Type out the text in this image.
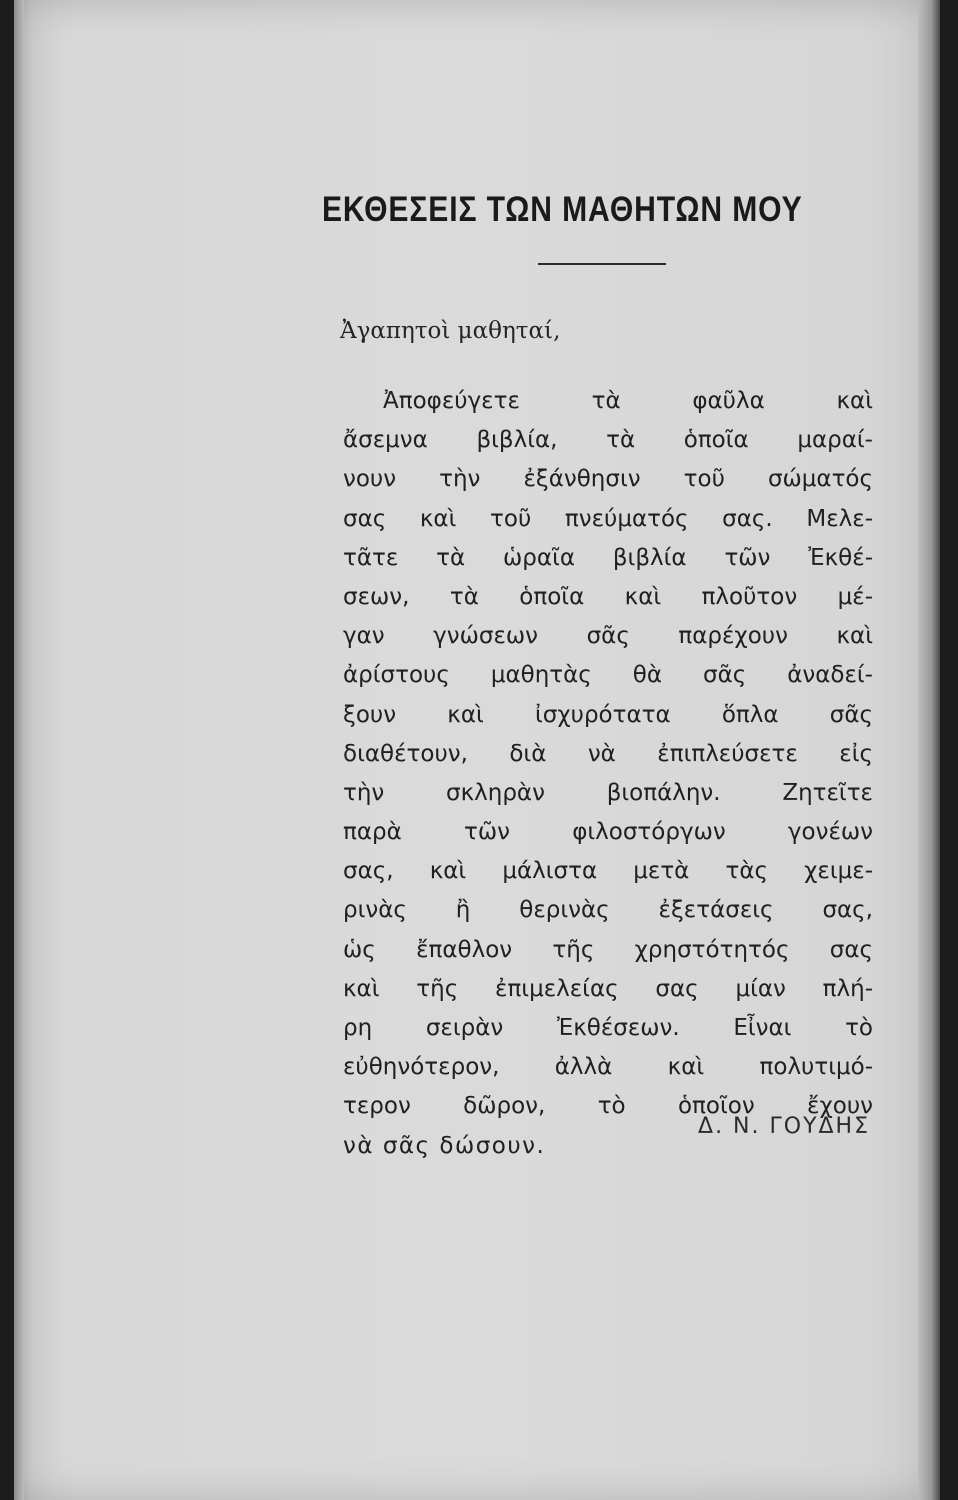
ΕΚΘΕΣΕΙΣ ΤΩΝ ΜΑΘΗΤΩΝ ΜΟΥ
Ἀγαπητοὶ μαθηταί,
Ἀποφεύγετε τὰ φαῦλα καὶ
ἄσεμνα βιβλία, τὰ ὁποῖα μαραί-
νουν τὴν ἐξάνθησιν τοῦ σώματός
σας καὶ τοῦ πνεύματός σας. Μελε-
τᾶτε τὰ ὡραῖα βιβλία τῶν Ἐκθέ-
σεων, τὰ ὁποῖα καὶ πλοῦτον μέ-
γαν γνώσεων σᾶς παρέχουν καὶ
ἀρίστους μαθητὰς θὰ σᾶς ἀναδεί-
ξουν καὶ ἰσχυρότατα ὅπλα σᾶς
διαθέτουν, διὰ νὰ ἐπιπλεύσετε εἰς
τὴν σκληρὰν βιοπάλην. Ζητεῖτε
παρὰ τῶν φιλοστόργων γονέων
σας, καὶ μάλιστα μετὰ τὰς χειμε-
ρινὰς ἢ θερινὰς ἐξετάσεις σας,
ὡς ἔπαθλον τῆς χρηστότητός σας
καὶ τῆς ἐπιμελείας σας μίαν πλή-
ρη σειρὰν Ἐκθέσεων. Εἶναι τὸ
εὐθηνότερον, ἀλλὰ καὶ πολυτιμό-
τερον δῶρον, τὸ ὁποῖον ἔχουν
νὰ σᾶς δώσουν.
Δ. Ν. ΓΟΥΔΗΣ
